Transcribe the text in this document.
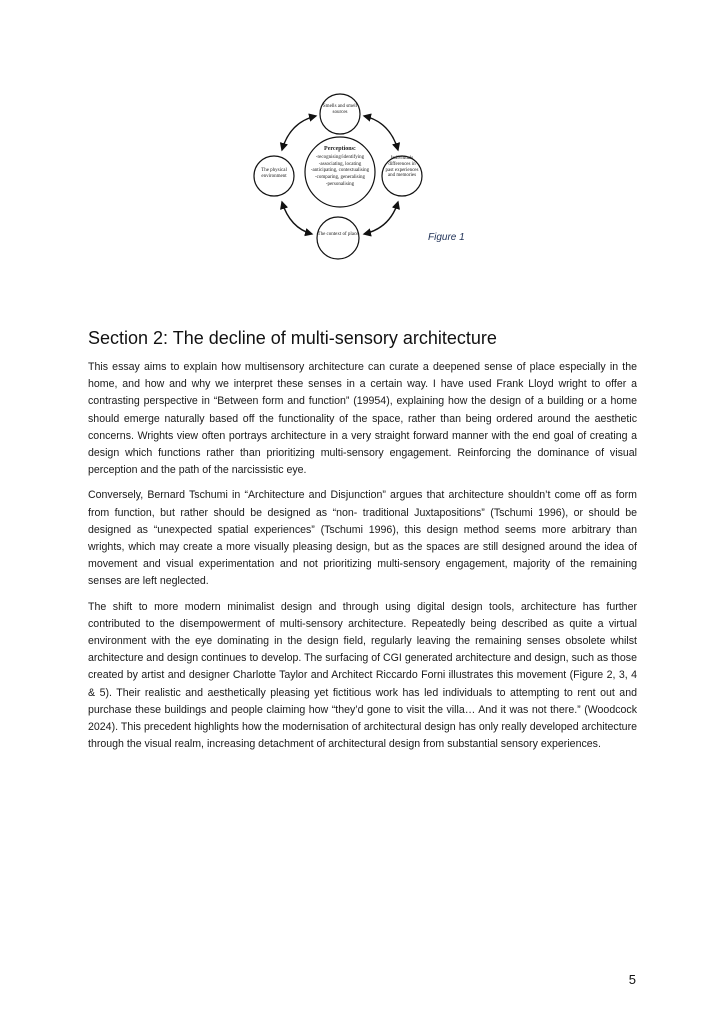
Smells and smell sources
The physical environment
Individuals differences in past experiences and memories
The context of place
Perceptions:
-recognising/identifying
-associating, locating
-anticipating, contextualising
-comparing, generalising
-personalising
Figure 1
Section 2: The decline of multi-sensory architecture

This essay aims to explain how multisensory architecture can curate a deepened sense of place especially in the home, and how and why we interpret these senses in a certain way. I have used Frank Lloyd wright to offer a contrasting perspective in “Between form and function” (19954), explaining how the design of a building or a home should emerge naturally based off the functionality of the space, rather than being ordered around the aesthetic concerns. Wrights view often portrays architecture in a very straight forward manner with the end goal of creating a design which functions rather than prioritizing multi-sensory engagement. Reinforcing the dominance of visual perception and the path of the narcissistic eye.

Conversely, Bernard Tschumi in “Architecture and Disjunction” argues that architecture shouldn’t come off as form from function, but rather should be designed as “non- traditional Juxtapositions” (Tschumi 1996), or should be designed as “unexpected spatial experiences” (Tschumi 1996), this design method seems more arbitrary than wrights, which may create a more visually pleasing design, but as the spaces are still designed around the idea of movement and visual experimentation and not prioritizing multi-sensory engagement, majority of the remaining senses are left neglected.

The shift to more modern minimalist design and through using digital design tools, architecture has further contributed to the disempowerment of multi-sensory architecture. Repeatedly being described as quite a virtual environment with the eye dominating in the design field, regularly leaving the remaining senses obsolete whilst architecture and design continues to develop. The surfacing of CGI generated architecture and design, such as those created by artist and designer Charlotte Taylor and Architect Riccardo Forni illustrates this movement (Figure 2, 3, 4 & 5). Their realistic and aesthetically pleasing yet fictitious work has led individuals to attempting to rent out and purchase these buildings and people claiming how “they’d gone to visit the villa… And it was not there.” (Woodcock 2024). This precedent highlights how the modernisation of architectural design has only really developed architecture through the visual realm, increasing detachment of architectural design from substantial sensory experiences.

5
